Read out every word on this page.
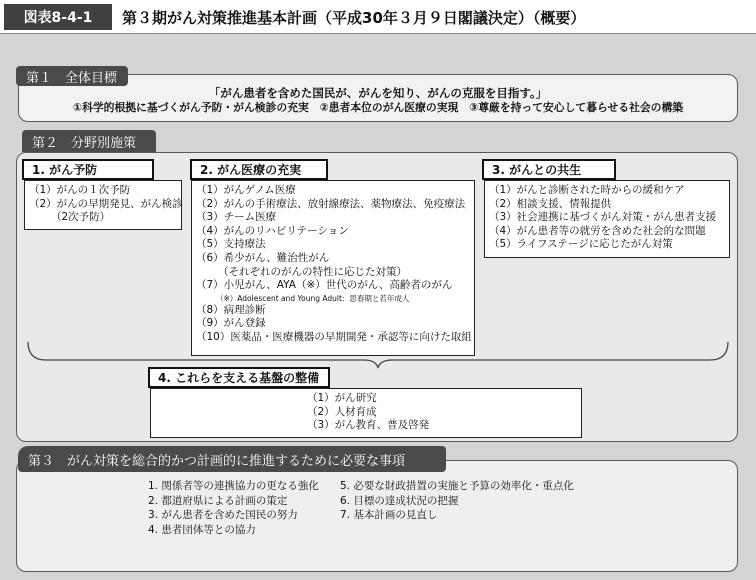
図表8-4-1	第３期がん対策推進基本計画（平成30年３月９日閣議決定）（概要）
第１　全体目標
「がん患者を含めた国民が、がんを知り、がんの克服を目指す。」
①科学的根拠に基づくがん予防・がん検診の充実　②患者本位のがん医療の実現　③尊厳を持って安心して暮らせる社会の構築
第２　分野別施策
（1）がんの１次予防
（2）がんの早期発見、がん検診
（2次予防）
1. がん予防
（1）がんゲノム医療
（2）がんの手術療法、放射線療法、薬物療法、免疫療法
（3）チーム医療
（4）がんのリハビリテーション
（5）支持療法
（6）希少がん、難治性がん
（それぞれのがんの特性に応じた対策）
（7）小児がん、AYA（※）世代のがん、高齢者のがん
（※）Adolescent and Young Adult：思春期と若年成人
（8）病理診断
（9）がん登録
（10）医薬品・医療機器の早期開発・承認等に向けた取組
2. がん医療の充実
（1）がんと診断された時からの緩和ケア
（2）相談支援、情報提供
（3）社会連携に基づくがん対策・がん患者支援
（4）がん患者等の就労を含めた社会的な問題
（5）ライフステージに応じたがん対策
3. がんとの共生
（1）がん研究
（2）人材育成
（3）がん教育、普及啓発
4. これらを支える基盤の整備
第３　がん対策を総合的かつ計画的に推進するために必要な事項
1. 関係者等の連携協力の更なる強化
2. 都道府県による計画の策定
3. がん患者を含めた国民の努力
4. 患者団体等との協力
5. 必要な財政措置の実施と予算の効率化・重点化
6. 目標の達成状況の把握
7. 基本計画の見直し
